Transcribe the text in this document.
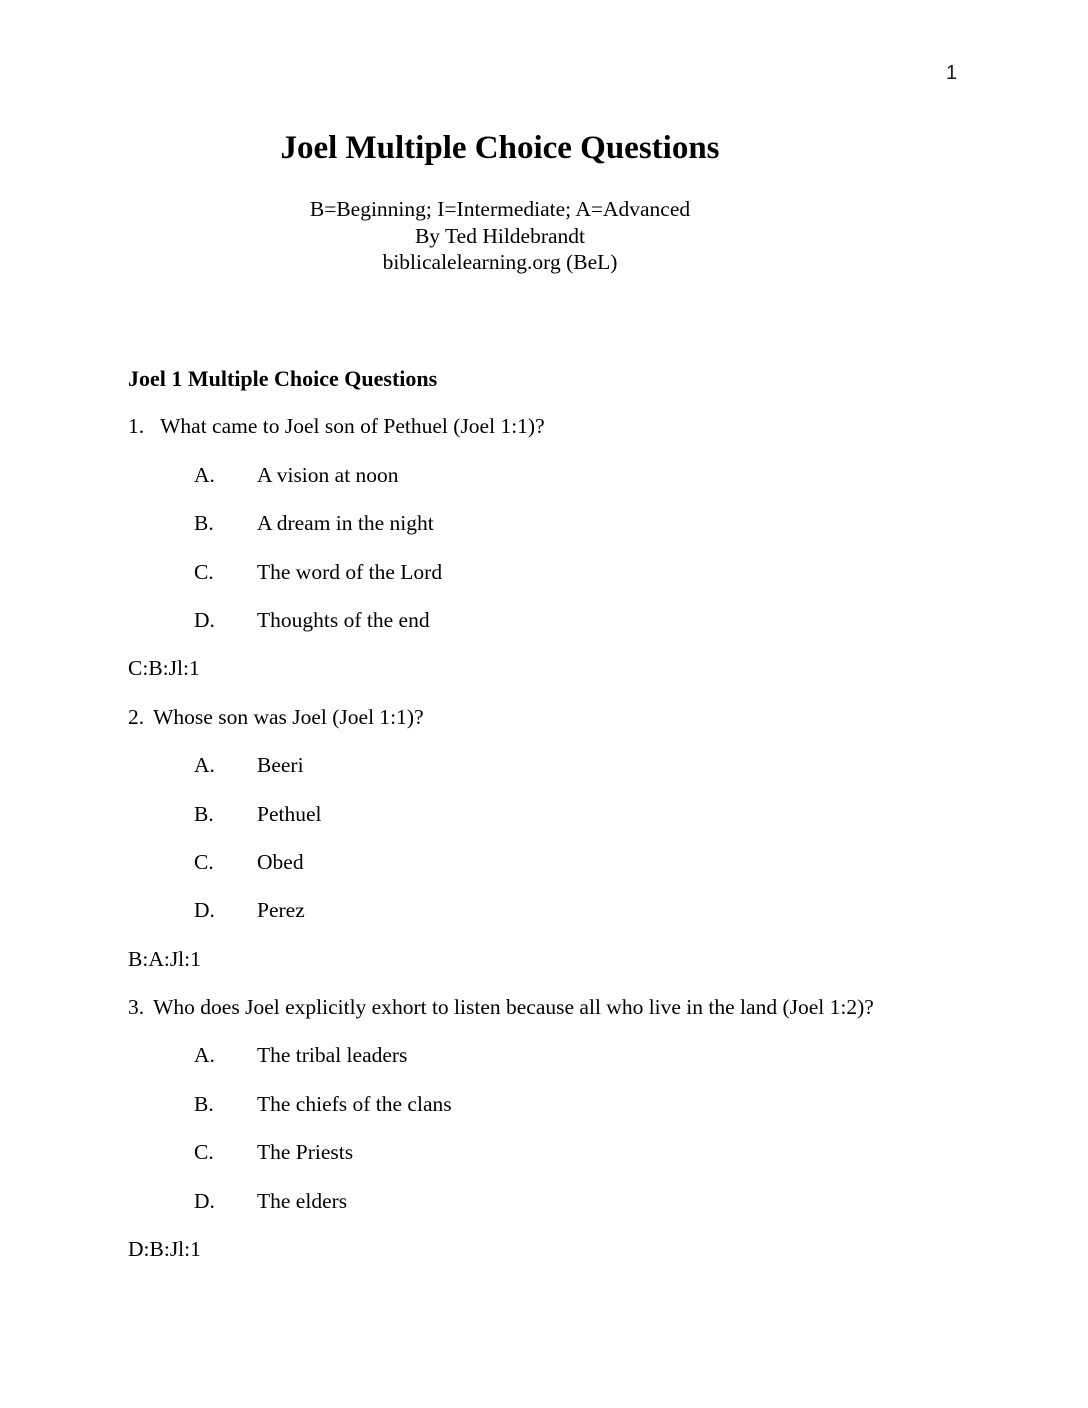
1
Joel Multiple Choice Questions
B=Beginning; I=Intermediate; A=Advanced
By Ted Hildebrandt
biblicalelearning.org (BeL)
Joel 1 Multiple Choice Questions
1. What came to Joel son of Pethuel (Joel 1:1)?
A. A vision at noon
B. A dream in the night
C. The word of the Lord
D. Thoughts of the end
C:B:Jl:1
2. Whose son was Joel (Joel 1:1)?
A. Beeri
B. Pethuel
C. Obed
D. Perez
B:A:Jl:1
3. Who does Joel explicitly exhort to listen because all who live in the land (Joel 1:2)?
A. The tribal leaders
B. The chiefs of the clans
C. The Priests
D. The elders
D:B:Jl:1
